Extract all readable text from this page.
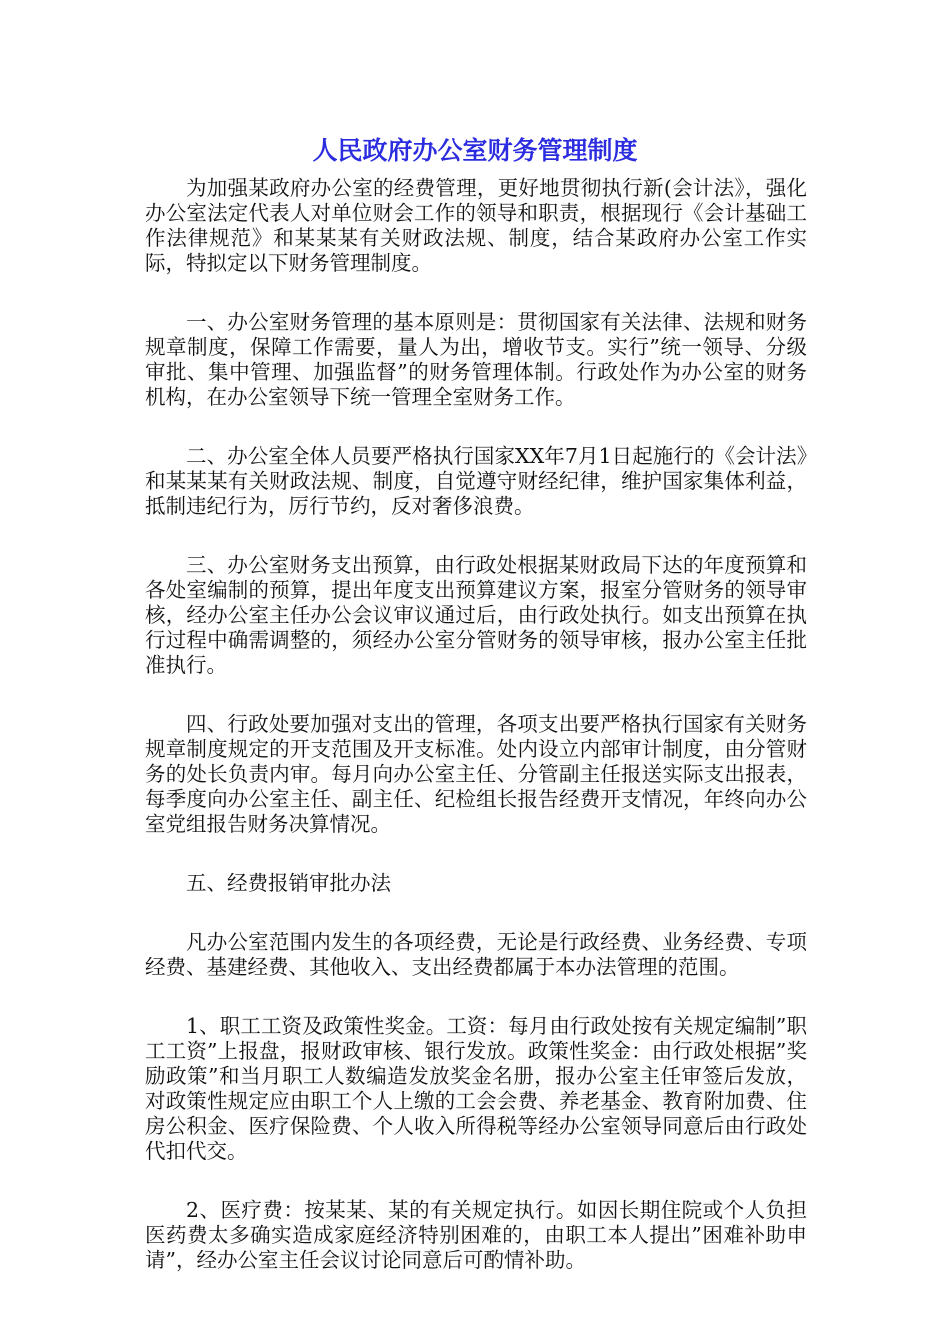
人民政府办公室财务管理制度

为加强某政府办公室的经费管理，更好地贯彻执行新(会计法》，强化办公室法定代表人对单位财会工作的领导和职责，根据现行《会计基础工作法律规范》和某某某有关财政法规、制度，结合某政府办公室工作实际，特拟定以下财务管理制度。

一、办公室财务管理的基本原则是：贯彻国家有关法律、法规和财务规章制度，保障工作需要，量人为出，增收节支。实行”统一领导、分级审批、集中管理、加强监督”的财务管理体制。行政处作为办公室的财务机构，在办公室领导下统一管理全室财务工作。

二、办公室全体人员要严格执行国家XX年7月1日起施行的《会计法》和某某某有关财政法规、制度，自觉遵守财经纪律，维护国家集体利益，抵制违纪行为，厉行节约，反对奢侈浪费。

三、办公室财务支出预算，由行政处根据某财政局下达的年度预算和各处室编制的预算，提出年度支出预算建议方案，报室分管财务的领导审核，经办公室主任办公会议审议通过后，由行政处执行。如支出预算在执行过程中确需调整的，须经办公室分管财务的领导审核，报办公室主任批准执行。

四、行政处要加强对支出的管理，各项支出要严格执行国家有关财务规章制度规定的开支范围及开支标准。处内设立内部审计制度，由分管财务的处长负责内审。每月向办公室主任、分管副主任报送实际支出报表，每季度向办公室主任、副主任、纪检组长报告经费开支情况，年终向办公室党组报告财务决算情况。

五、经费报销审批办法

凡办公室范围内发生的各项经费，无论是行政经费、业务经费、专项经费、基建经费、其他收入、支出经费都属于本办法管理的范围。

1、职工工资及政策性奖金。工资：每月由行政处按有关规定编制”职工工资”上报盘，报财政审核、银行发放。政策性奖金：由行政处根据”奖励政策”和当月职工人数编造发放奖金名册，报办公室主任审签后发放，对政策性规定应由职工个人上缴的工会会费、养老基金、教育附加费、住房公积金、医疗保险费、个人收入所得税等经办公室领导同意后由行政处代扣代交。

2、医疗费：按某某、某的有关规定执行。如因长期住院或个人负担医药费太多确实造成家庭经济特别困难的，由职工本人提出”困难补助申请”，经办公室主任会议讨论同意后可酌情补助。
